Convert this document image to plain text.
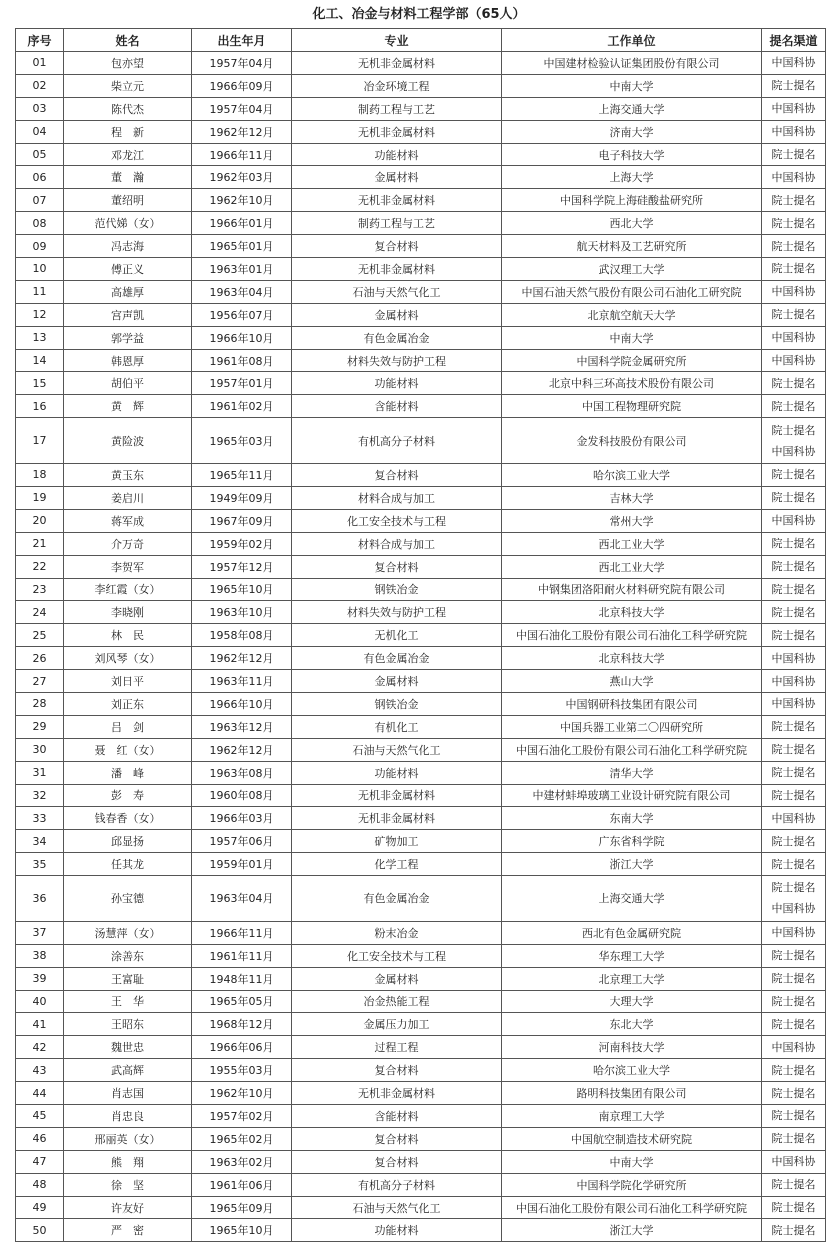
化工、冶金与材料工程学部（65人）
序号	姓名	出生年月	专业	工作单位	提名渠道
01	包亦望	1957年04月	无机非金属材料	中国建材检验认证集团股份有限公司	中国科协

02	柴立元	1966年09月	冶金环境工程	中南大学	院士提名

03	陈代杰	1957年04月	制药工程与工艺	上海交通大学	中国科协

04	程　新	1962年12月	无机非金属材料	济南大学	中国科协

05	邓龙江	1966年11月	功能材料	电子科技大学	院士提名

06	董　瀚	1962年03月	金属材料	上海大学	中国科协

07	董绍明	1962年10月	无机非金属材料	中国科学院上海硅酸盐研究所	院士提名

08	范代娣（女）	1966年01月	制药工程与工艺	西北大学	院士提名

09	冯志海	1965年01月	复合材料	航天材料及工艺研究所	院士提名

10	傅正义	1963年01月	无机非金属材料	武汉理工大学	院士提名

11	高雄厚	1963年04月	石油与天然气化工	中国石油天然气股份有限公司石油化工研究院	中国科协

12	宫声凯	1956年07月	金属材料	北京航空航天大学	院士提名

13	郭学益	1966年10月	有色金属冶金	中南大学	中国科协

14	韩恩厚	1961年08月	材料失效与防护工程	中国科学院金属研究所	中国科协

15	胡伯平	1957年01月	功能材料	北京中科三环高技术股份有限公司	院士提名

16	黄　辉	1961年02月	含能材料	中国工程物理研究院	院士提名

17	黄险波	1965年03月	有机高分子材料	金发科技股份有限公司	院士提名
中国科协

18	黄玉东	1965年11月	复合材料	哈尔滨工业大学	院士提名

19	姜启川	1949年09月	材料合成与加工	吉林大学	院士提名

20	蒋军成	1967年09月	化工安全技术与工程	常州大学	中国科协

21	介万奇	1959年02月	材料合成与加工	西北工业大学	院士提名

22	李贺军	1957年12月	复合材料	西北工业大学	院士提名

23	李红霞（女）	1965年10月	钢铁冶金	中钢集团洛阳耐火材料研究院有限公司	院士提名

24	李晓刚	1963年10月	材料失效与防护工程	北京科技大学	院士提名

25	林　民	1958年08月	无机化工	中国石油化工股份有限公司石油化工科学研究院	院士提名

26	刘风琴（女）	1962年12月	有色金属冶金	北京科技大学	中国科协

27	刘日平	1963年11月	金属材料	燕山大学	中国科协

28	刘正东	1966年10月	钢铁冶金	中国钢研科技集团有限公司	中国科协

29	吕　剑	1963年12月	有机化工	中国兵器工业第二〇四研究所	院士提名

30	聂　红（女）	1962年12月	石油与天然气化工	中国石油化工股份有限公司石油化工科学研究院	院士提名

31	潘　峰	1963年08月	功能材料	清华大学	院士提名

32	彭　寿	1960年08月	无机非金属材料	中建材蚌埠玻璃工业设计研究院有限公司	院士提名

33	钱春香（女）	1966年03月	无机非金属材料	东南大学	中国科协

34	邱显扬	1957年06月	矿物加工	广东省科学院	院士提名

35	任其龙	1959年01月	化学工程	浙江大学	院士提名

36	孙宝德	1963年04月	有色金属冶金	上海交通大学	院士提名
中国科协

37	汤慧萍（女）	1966年11月	粉末冶金	西北有色金属研究院	中国科协

38	涂善东	1961年11月	化工安全技术与工程	华东理工大学	院士提名

39	王富耻	1948年11月	金属材料	北京理工大学	院士提名

40	王　华	1965年05月	冶金热能工程	大理大学	院士提名

41	王昭东	1968年12月	金属压力加工	东北大学	院士提名

42	魏世忠	1966年06月	过程工程	河南科技大学	中国科协

43	武高辉	1955年03月	复合材料	哈尔滨工业大学	院士提名

44	肖志国	1962年10月	无机非金属材料	路明科技集团有限公司	院士提名

45	肖忠良	1957年02月	含能材料	南京理工大学	院士提名

46	邢丽英（女）	1965年02月	复合材料	中国航空制造技术研究院	院士提名

47	熊　翔	1963年02月	复合材料	中南大学	中国科协

48	徐　坚	1961年06月	有机高分子材料	中国科学院化学研究所	院士提名

49	许友好	1965年09月	石油与天然气化工	中国石油化工股份有限公司石油化工科学研究院	院士提名

50	严　密	1965年10月	功能材料	浙江大学	院士提名
